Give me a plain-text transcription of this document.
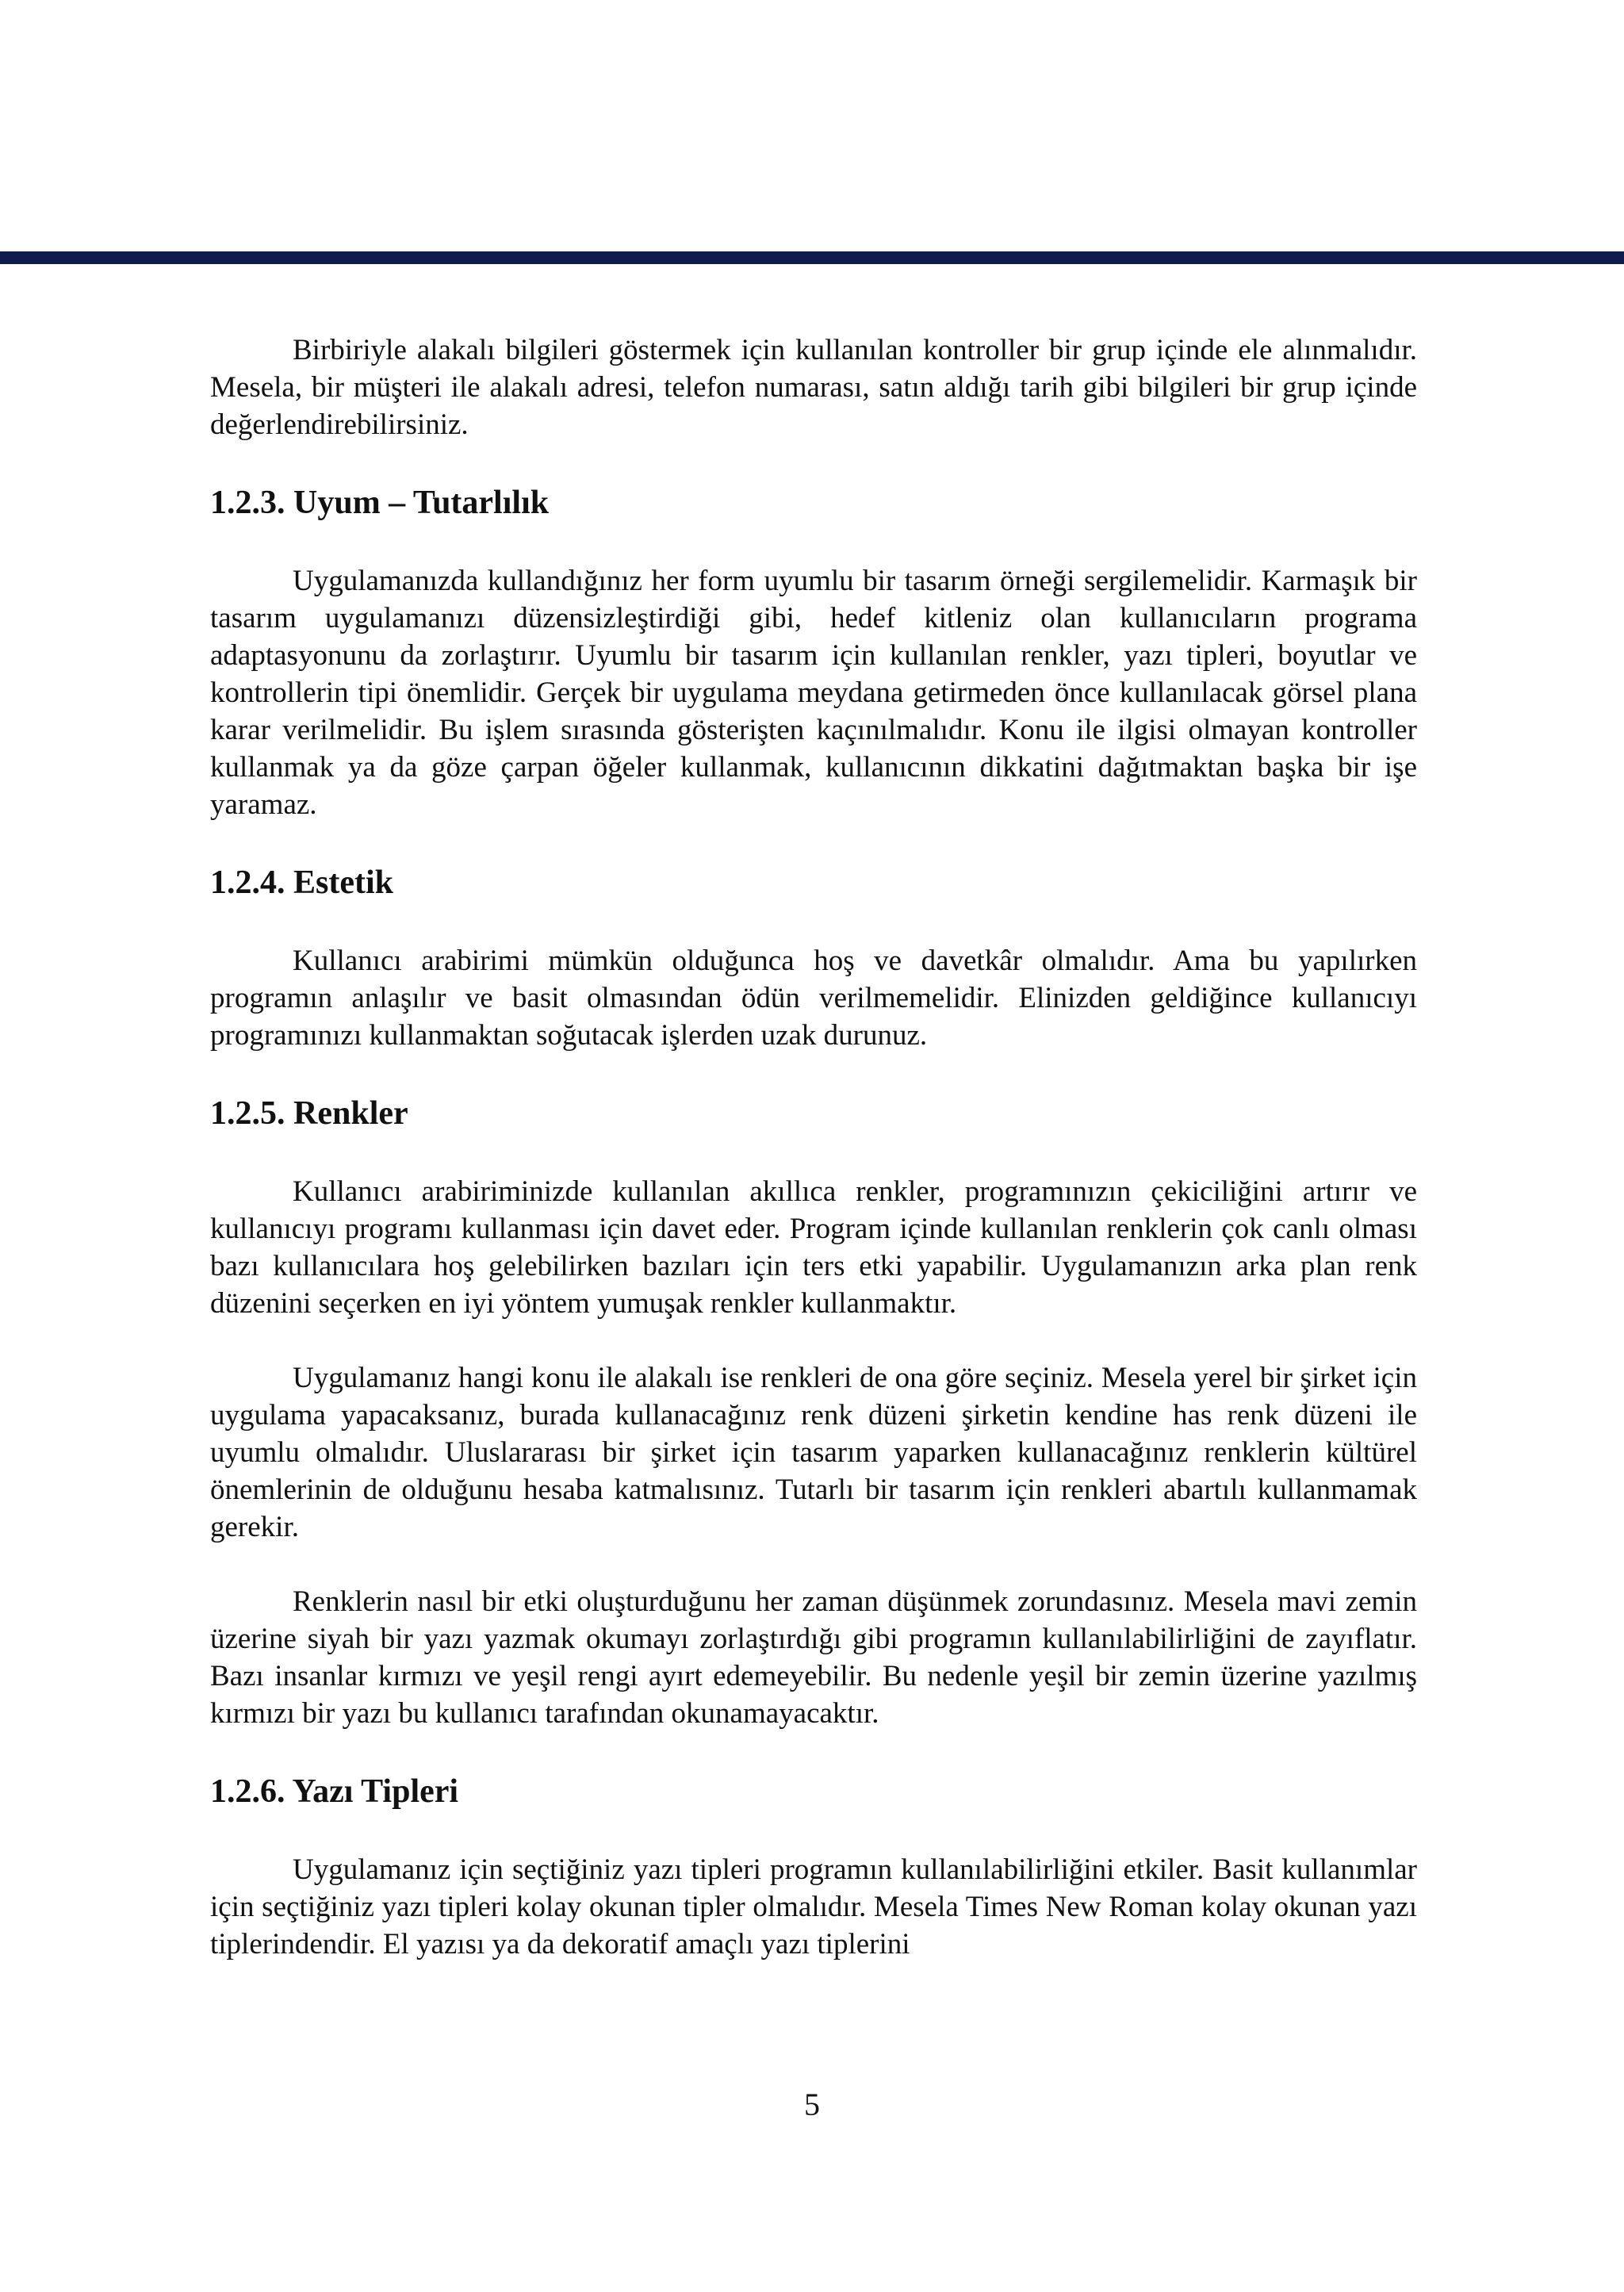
Birbiriyle alakalı bilgileri göstermek için kullanılan kontroller bir grup içinde ele alınmalıdır. Mesela, bir müşteri ile alakalı adresi, telefon numarası, satın aldığı tarih gibi bilgileri bir grup içinde değerlendirebilirsiniz.

1.2.3. Uyum – Tutarlılık

Uygulamanızda kullandığınız her form uyumlu bir tasarım örneği sergilemelidir. Karmaşık bir tasarım uygulamanızı düzensizleştirdiği gibi, hedef kitleniz olan kullanıcıların programa adaptasyonunu da zorlaştırır. Uyumlu bir tasarım için kullanılan renkler, yazı tipleri, boyutlar ve kontrollerin tipi önemlidir. Gerçek bir uygulama meydana getirmeden önce kullanılacak görsel plana karar verilmelidir. Bu işlem sırasında gösterişten kaçınılmalıdır. Konu ile ilgisi olmayan kontroller kullanmak ya da göze çarpan öğeler kullanmak, kullanıcının dikkatini dağıtmaktan başka bir işe yaramaz.

1.2.4. Estetik

Kullanıcı arabirimi mümkün olduğunca hoş ve davetkâr olmalıdır. Ama bu yapılırken programın anlaşılır ve basit olmasından ödün verilmemelidir. Elinizden geldiğince kullanıcıyı programınızı kullanmaktan soğutacak işlerden uzak durunuz.

1.2.5. Renkler

Kullanıcı arabiriminizde kullanılan akıllıca renkler, programınızın çekiciliğini artırır ve kullanıcıyı programı kullanması için davet eder. Program içinde kullanılan renklerin çok canlı olması bazı kullanıcılara hoş gelebilirken bazıları için ters etki yapabilir. Uygulamanızın arka plan renk düzenini seçerken en iyi yöntem yumuşak renkler kullanmaktır.

Uygulamanız hangi konu ile alakalı ise renkleri de ona göre seçiniz. Mesela yerel bir şirket için uygulama yapacaksanız, burada kullanacağınız renk düzeni şirketin kendine has renk düzeni ile uyumlu olmalıdır. Uluslararası bir şirket için tasarım yaparken kullanacağınız renklerin kültürel önemlerinin de olduğunu hesaba katmalısınız. Tutarlı bir tasarım için renkleri abartılı kullanmamak gerekir.

Renklerin nasıl bir etki oluşturduğunu her zaman düşünmek zorundasınız. Mesela mavi zemin üzerine siyah bir yazı yazmak okumayı zorlaştırdığı gibi programın kullanılabilirliğini de zayıflatır. Bazı insanlar kırmızı ve yeşil rengi ayırt edemeyebilir. Bu nedenle yeşil bir zemin üzerine yazılmış kırmızı bir yazı bu kullanıcı tarafından okunamayacaktır.

1.2.6. Yazı Tipleri

Uygulamanız için seçtiğiniz yazı tipleri programın kullanılabilirliğini etkiler. Basit kullanımlar için seçtiğiniz yazı tipleri kolay okunan tipler olmalıdır. Mesela Times New Roman kolay okunan yazı tiplerindendir. El yazısı ya da dekoratif amaçlı yazı tiplerini

5
